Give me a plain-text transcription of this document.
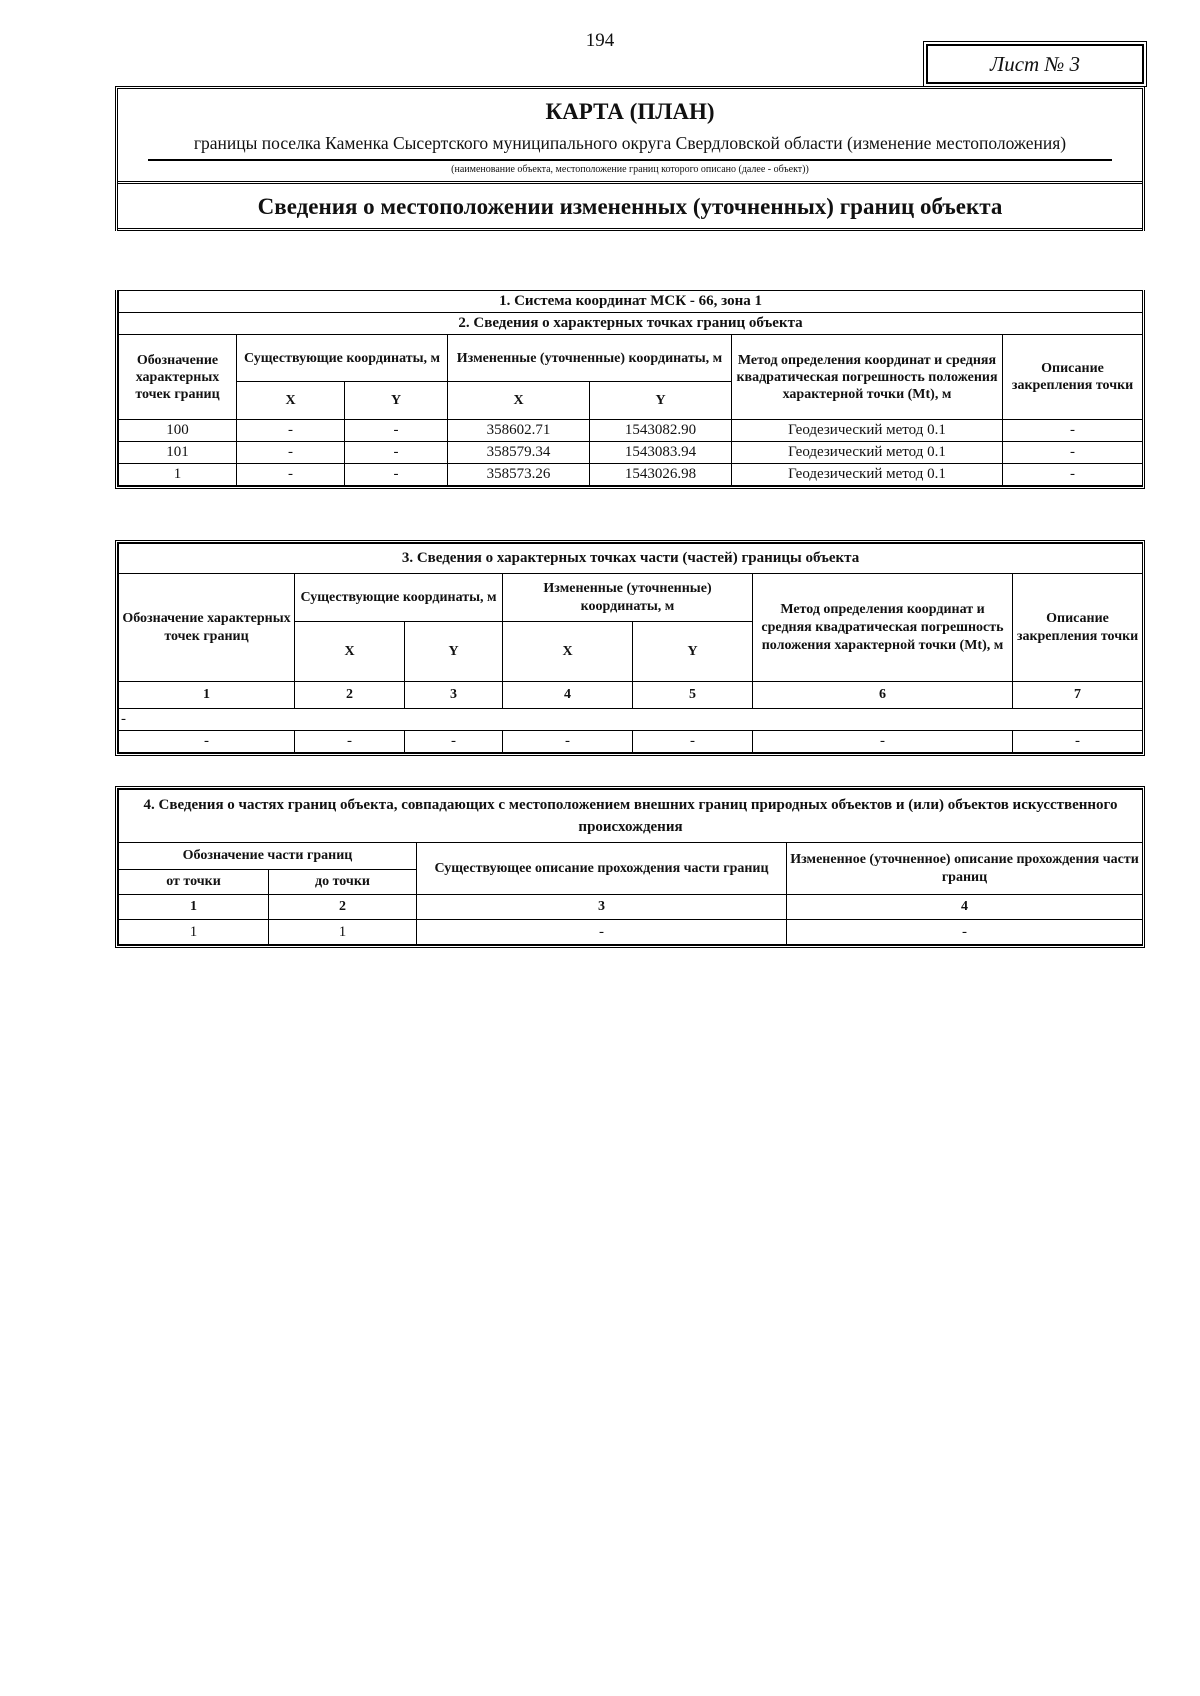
194
Лист № 3
КАРТА (ПЛАН)
границы поселка Каменка Сысертского муниципального округа Свердловской области (изменение местоположения)
(наименование объекта, местоположение границ которого описано (далее - объект))
Сведения о местоположении измененных (уточненных) границ объекта
1. Система координат МСК - 66, зона 1						
2. Сведения о характерных точках границ объекта						
Обозначение характерных точек границ	Существующие координаты, м		Измененные (уточненные) координаты, м		Метод определения координат и средняя квадратическая погрешность положения характерной точки (Mt), м	Описание закрепления точки
	X	Y	X	Y		
100	-	-	358602.71	1543082.90	Геодезический метод 0.1	-
101	-	-	358579.34	1543083.94	Геодезический метод 0.1	-
1	-	-	358573.26	1543026.98	Геодезический метод 0.1	-
3. Сведения о характерных точках части (частей) границы объекта						
Обозначение характерных точек границ	Существующие координаты, м		Измененные (уточненные) координаты, м		Метод определения координат и средняя квадратическая погрешность положения характерной точки (Mt), м	Описание закрепления точки
	X	Y	X	Y		
1	2	3	4	5	6	7
-						
-	-	-	-	-	-	-
4. Сведения о частях границ объекта, совпадающих с местоположением внешних границ природных объектов и (или) объектов искусственного происхождения			
Обозначение части границ		Существующее описание прохождения части границ	Измененное (уточненное) описание прохождения части границ
от точки	до точки		
1	2	3	4
1	1	-	-
